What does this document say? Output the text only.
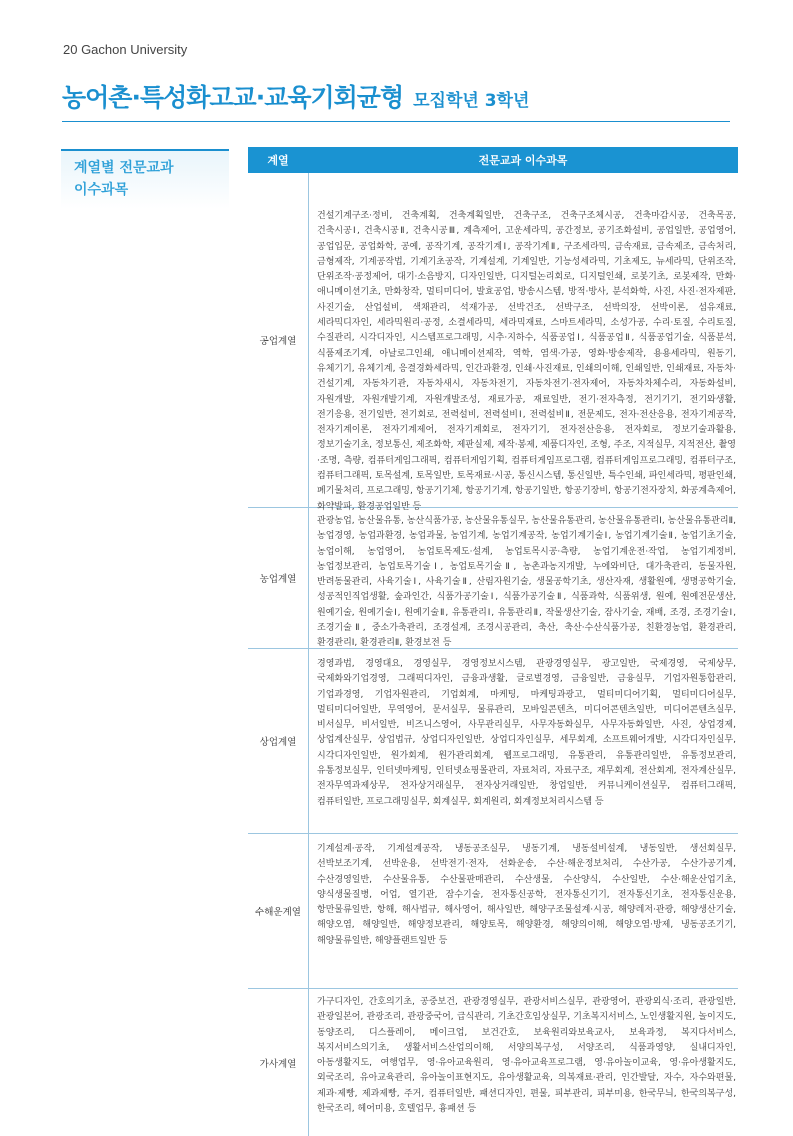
20 Gachon University
농어촌·특성화고교·교육기회균형 모집학년 3학년
계열별 전문교과
이수과목
계열	전문교과 이수과목
공업계열
건설기계구조·정비, 건축계획, 건축계획일반, 건축구조, 건축구조체시공, 건축마감시공, 건축목공, 건축시공Ⅰ, 건축시공Ⅱ, 건축시공Ⅲ, 계측제어, 고운세라믹, 공간정보, 공기조화설비, 공업일반, 공업영어, 공업입문, 공업화학, 공예, 공작기계, 공작기계Ⅰ, 공작기계Ⅱ, 구조세라믹, 금속재료, 금속제조, 금속처리, 금형제작, 기계공작법, 기계기초공작, 기계설계, 기계일반, 기능성세라믹, 기초제도, 뉴세라믹, 단위조작, 단위조작·공정제어, 대기·소음방지, 디자인일반, 디지털논리회로, 디지털인쇄, 로봇기초, 로봇제작, 만화·애니메이션기초, 만화창작, 멀티미디어, 발효공업, 방송시스템, 방적·방사, 분석화학, 사진, 사진·전자제판, 사진기술, 산업설비, 색채관리, 석재가공, 선박건조, 선박구조, 선박의장, 선박이론, 섬유재료, 세라믹디자인, 세라믹원리·공정, 소결세라믹, 세라믹재료, 스마트세라믹, 소성가공, 수리·토질, 수리토질, 수질관리, 시각디자인, 시스템프로그래밍, 시추·지하수, 식품공업Ⅰ, 식품공업Ⅱ, 식품공업기술, 식품분석, 식품제조기계, 아날로그인쇄, 애니메이션제작, 역학, 염색·가공, 영화·방송제작, 용용세라믹, 원동기, 유체기기, 유체기계, 응결경화세라믹, 인간과환경, 인쇄·사진재료, 인쇄의이해, 인쇄일반, 인쇄재료, 자동차·건설기계, 자동차기관, 자동차새시, 자동차전기, 자동차전기·전자제어, 자동차차체수리, 자동화설비, 자원개발, 자원개발기계, 자원개발조성, 재료가공, 재료일반, 전기·전자측정, 전기기기, 전기와생활, 전기응용, 전기일반, 전기회로, 전력설비, 전력설비Ⅰ, 전력설비Ⅱ, 전문제도, 전자·전산응용, 전자기계공작, 전자기계이론, 전자기계제어, 전자기계회로, 전자기기, 전자전산응용, 전자회로, 정보기술과활용, 정보기술기초, 정보통신, 제조화학, 제판실제, 제작·봉제, 제품디자인, 조형, 주조, 지적실무, 지적전산, 촬영·조명, 측량, 컴퓨터게임그래픽, 컴퓨터게임기획, 컴퓨터게임프로그램, 컴퓨터게임프로그래밍, 컴퓨터구조, 컴퓨터그래픽, 토목설계, 토목일반, 토목재료·시공, 통신시스템, 통신일반, 특수인쇄, 파인세라믹, 평판인쇄, 폐기물처리, 프로그래밍, 항공기기체, 항공기기계, 항공기일반, 항공기장비, 항공기전자장치, 화공계측제어, 화약발파, 환경공업일반 등
농업계열
관광농업, 농산물유통, 농산식품가공, 농산물유통실무, 농산물유통관리, 농산물유통관리Ⅰ, 농산물유통관리Ⅱ, 농업경영, 농업과환경, 농업과물, 농업기계, 농업기계공작, 농업기계기술Ⅰ, 농업기계기술Ⅱ, 농업기초기술, 농업이해, 농업영어, 농업토목제도·설계, 농업토목시공·측량, 농업기계운전·작업, 농업기계정비, 농업정보관리, 농업토목기술Ⅰ, 농업토목기술Ⅱ, 농촌과농지개발, 누에와비단, 대가축관리, 동물자원, 반려동물관리, 사육기술Ⅰ, 사육기술Ⅱ, 산림자원기술, 생물공학기초, 생산자재, 생활원예, 생명공학기술, 성공적인직업생활, 숲과인간, 식품가공기술Ⅰ, 식품가공기술Ⅱ, 식품과학, 식품위생, 원예, 원예전문생산, 원예기술, 원예기술Ⅰ, 원예기술Ⅱ, 유통관리Ⅰ, 유통관리Ⅱ, 작물생산기술, 잠사기술, 재배, 조경, 조경기술Ⅰ, 조경기술Ⅱ, 중소가축관리, 조경설계, 조경시공관리, 축산, 축산·수산식품가공, 친환경농업, 환경관리, 환경관리Ⅰ, 환경관리Ⅱ, 환경보전 등
상업계열
경영과법, 경영대요, 경영실무, 경영정보시스템, 관광경영실무, 광고일반, 국제경영, 국제상무, 국제화와기업경영, 그래픽디자인, 금융과생활, 글로벌경영, 금융일반, 금융실무, 기업자원통합관리, 기업과경영, 기업자원관리, 기업회계, 마케팅, 마케팅과광고, 멀티미디어기획, 멀티미디어실무, 멀티미디어일반, 무역영어, 문서실무, 물류관리, 모바일콘텐츠, 미디어콘텐츠일반, 미디어콘텐츠실무, 비서실무, 비서일반, 비즈니스영어, 사무관리실무, 사무자동화실무, 사무자동화일반, 사진, 상업경제, 상업계산실무, 상업법규, 상업디자인일반, 상업디자인실무, 세무회계, 소프트웨어개발, 시각디자인실무, 시각디자인일반, 원가회계, 원가관리회계, 웹프로그래밍, 유통관리, 유통관리일반, 유통정보관리, 유통정보실무, 인터넷마케팅, 인터넷쇼핑몰관리, 자료처리, 자료구조, 재무회계, 전산회계, 전자계산실무, 전자무역과제상무, 전자상거래실무, 전자상거래일반, 창업일반, 커뮤니케이션실무, 컴퓨터그래픽, 컴퓨터일반, 프로그래밍실무, 회계실무, 회계원리, 회계정보처리시스템 등
수해운계열
기계설계·공작, 기계설계공작, 냉동공조실무, 냉동기계, 냉동설비설계, 냉동일반, 생선회실무, 선박보조기계, 선박운용, 선박전기·전자, 선화운송, 수산·해운정보처리, 수산가공, 수산가공기계, 수산경영일반, 수산물유통, 수산물판매관리, 수산생물, 수산양식, 수산일반, 수산·해운산업기초, 양식생물질병, 어업, 열기관, 잠수기술, 전자통신공학, 전자통신기기, 전자통신기초, 전자통신운용, 항만물류일반, 항해, 해사법규, 해사영어, 해사일반, 해양구조물설계·시공, 해양레저·관광, 해양생산기술, 해양오염, 해양일반, 해양정보관리, 해양토목, 해양환경, 해양의이해, 해양오염·방제, 냉동공조기기, 해양물류일반, 해양플랜트일반 등
가사계열
가구디자인, 간호의기초, 공중보건, 관광경영실무, 관광서비스실무, 관광영어, 관광외식·조리, 관광일반, 관광일본어, 관광조리, 관광중국어, 급식관리, 기초간호임상실무, 기초복지서비스, 노인생활지원, 놀이지도, 동양조리, 디스플레이, 메이크업, 보건간호, 보육원리와보육교사, 보육과정, 복지다서비스, 복지서비스의기초, 생활서비스산업의이해, 서양의복구성, 서양조리, 식품과영양, 실내디자인, 아동생활지도, 여행업무, 영·유아교육원리, 영·유아교육프로그램, 영·유아놀이교육, 영·유아생활지도, 외국조리, 유아교육관리, 유아놀이표현지도, 유아생활교육, 의복재료·관리, 인간발달, 자수, 자수와편물, 제과·제빵, 제과제빵, 주거, 컴퓨터일반, 패션디자인, 편물, 피부관리, 피부미용, 한국무늬, 한국의복구성, 한국조리, 헤어미용, 호텔업무, 흉패션 등
